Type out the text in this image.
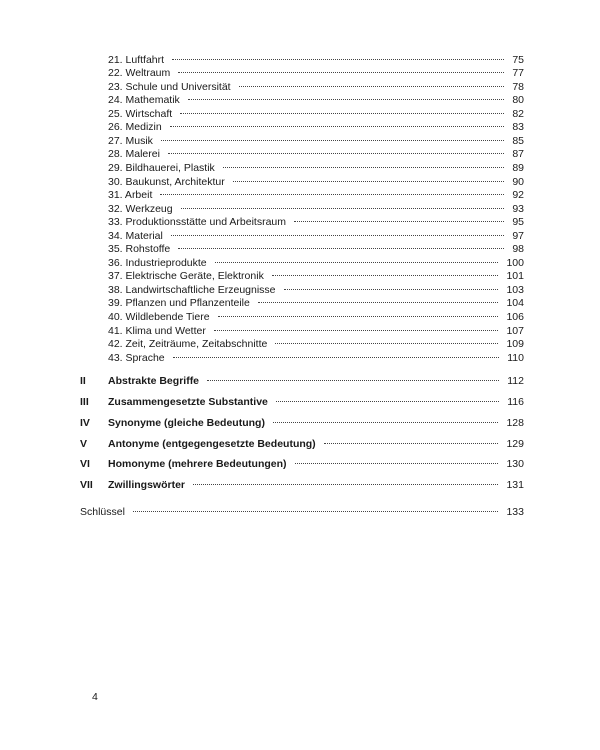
21. Luftfahrt	75
22. Weltraum	77
23. Schule und Universität	78
24. Mathematik	80
25. Wirtschaft	82
26. Medizin	83
27. Musik	85
28. Malerei	87
29. Bildhauerei, Plastik	89
30. Baukunst, Architektur	90
31. Arbeit	92
32. Werkzeug	93
33. Produktionsstätte und Arbeitsraum	95
34. Material	97
35. Rohstoffe	98
36. Industrieprodukte	100
37. Elektrische Geräte, Elektronik	101
38. Landwirtschaftliche Erzeugnisse	103
39. Pflanzen und Pflanzenteile	104
40. Wildlebende Tiere	106
41. Klima und Wetter	107
42. Zeit, Zeiträume, Zeitabschnitte	109
43. Sprache	110
II Abstrakte Begriffe	112
III Zusammengesetzte Substantive	116
IV Synonyme (gleiche Bedeutung)	128
V Antonyme (entgegengesetzte Bedeutung)	129
VI Homonyme (mehrere Bedeutungen)	130
VII Zwillingswörter	131
Schlüssel	133
4
